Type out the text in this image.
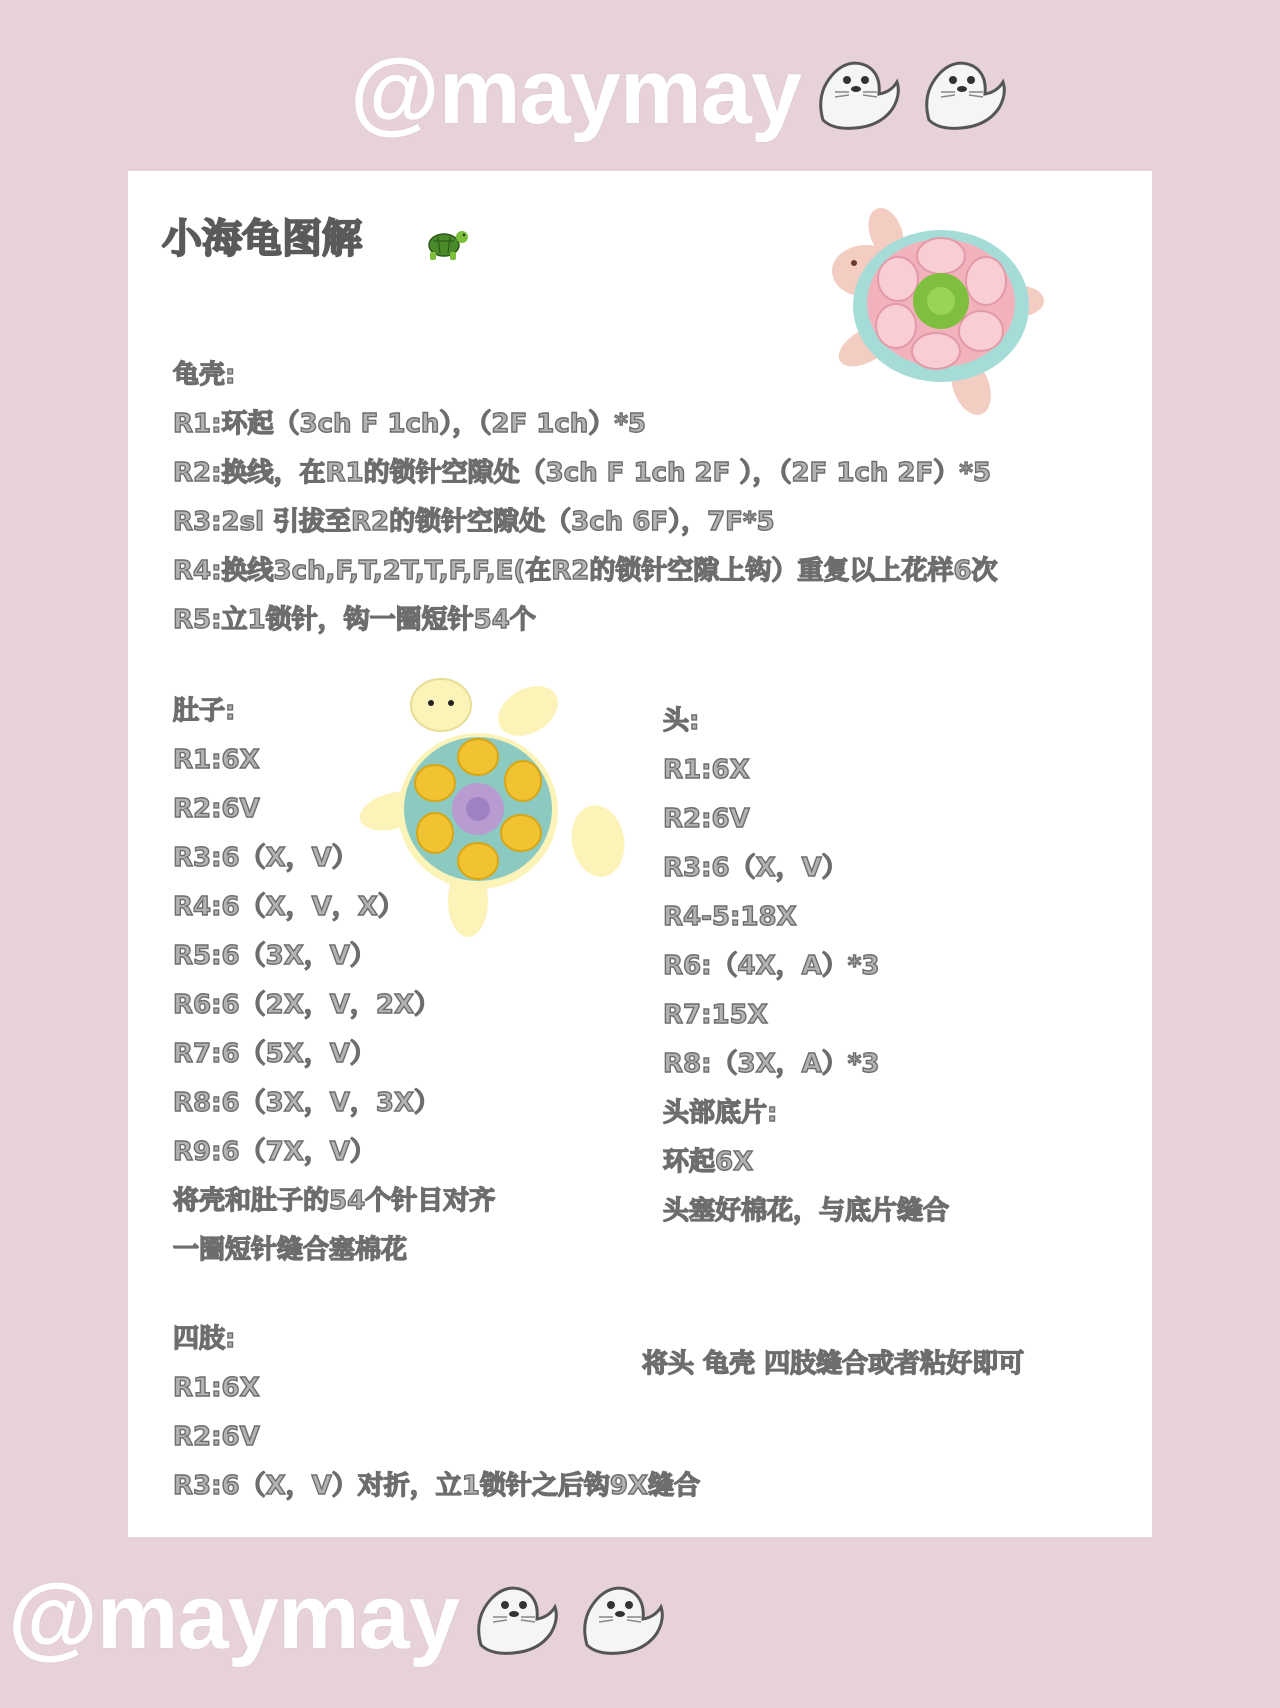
@maymay
小海龟图解
龟壳:
R1:环起（3ch F 1ch），（2F 1ch）*5
R2:换线，在R1的锁针空隙处（3ch F 1ch 2F ），（2F 1ch 2F）*5
R3:2sl 引拔至R2的锁针空隙处（3ch 6F），7F*5
R4:换线3ch,F,T,2T,T,F,F,E(在R2的锁针空隙上钩）重复以上花样6次
R5:立1锁针，钩一圈短针54个
肚子:
R1:6X
R2:6V
R3:6（X，V）
R4:6（X，V，X）
R5:6（3X，V）
R6:6（2X，V，2X）
R7:6（5X，V）
R8:6（3X，V，3X）
R9:6（7X，V）
将壳和肚子的54个针目对齐
一圈短针缝合塞棉花
头:
R1:6X
R2:6V
R3:6（X，V）
R4-5:18X
R6:（4X，A）*3
R7:15X
R8:（3X，A）*3
头部底片:
环起6X
头塞好棉花，与底片缝合
四肢:
R1:6X
R2:6V
R3:6（X，V）对折，立1锁针之后钩9X缝合
将头 龟壳 四肢缝合或者粘好即可
@maymay
